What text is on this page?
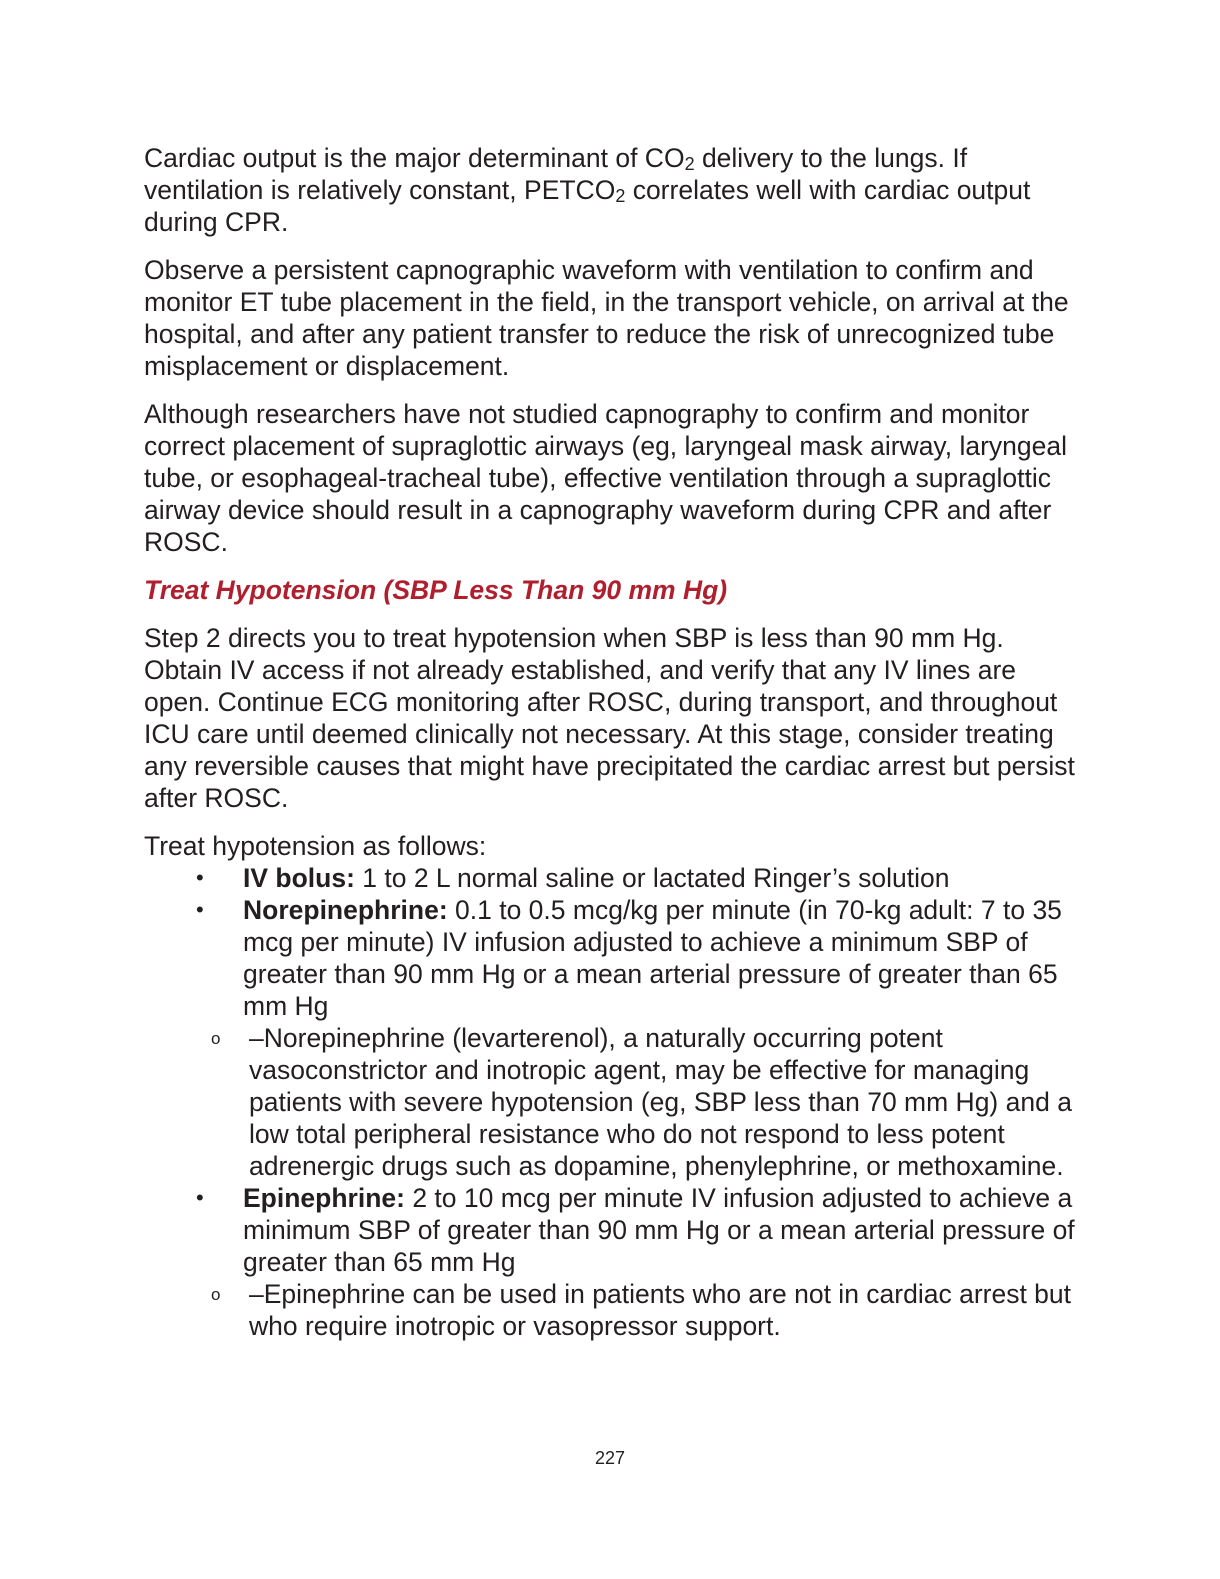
Cardiac output is the major determinant of $CO_2$ delivery to the lungs. If ventilation is relatively constant, $PETCO_2$ correlates well with cardiac output during CPR.

Observe a persistent capnographic waveform with ventilation to confirm and monitor ET tube placement in the field, in the transport vehicle, on arrival at the hospital, and after any patient transfer to reduce the risk of unrecognized tube misplacement or displacement.

Although researchers have not studied capnography to confirm and monitor correct placement of supraglottic airways (eg, laryngeal mask airway, laryngeal tube, or esophageal-tracheal tube), effective ventilation through a supraglottic airway device should result in a capnography waveform during CPR and after ROSC.

Treat Hypotension (SBP Less Than 90 mm Hg)

Step 2 directs you to treat hypotension when SBP is less than 90 mm Hg. Obtain IV access if not already established, and verify that any IV lines are open. Continue ECG monitoring after ROSC, during transport, and throughout ICU care until deemed clinically not necessary. At this stage, consider treating any reversible causes that might have precipitated the cardiac arrest but persist after ROSC.

Treat hypotension as follows:

• IV bolus: 1 to 2 L normal saline or lactated Ringer’s solution
• Norepinephrine: 0.1 to 0.5 mcg/kg per minute (in 70-kg adult: 7 to 35 mcg per minute) IV infusion adjusted to achieve a minimum SBP of greater than 90 mm Hg or a mean arterial pressure of greater than 65 mm Hg
o –Norepinephrine (levarterenol), a naturally occurring potent vasoconstrictor and inotropic agent, may be effective for managing patients with severe hypotension (eg, SBP less than 70 mm Hg) and a low total peripheral resistance who do not respond to less potent adrenergic drugs such as dopamine, phenylephrine, or methoxamine.
• Epinephrine: 2 to 10 mcg per minute IV infusion adjusted to achieve a minimum SBP of greater than 90 mm Hg or a mean arterial pressure of greater than 65 mm Hg
o –Epinephrine can be used in patients who are not in cardiac arrest but who require inotropic or vasopressor support.
227
